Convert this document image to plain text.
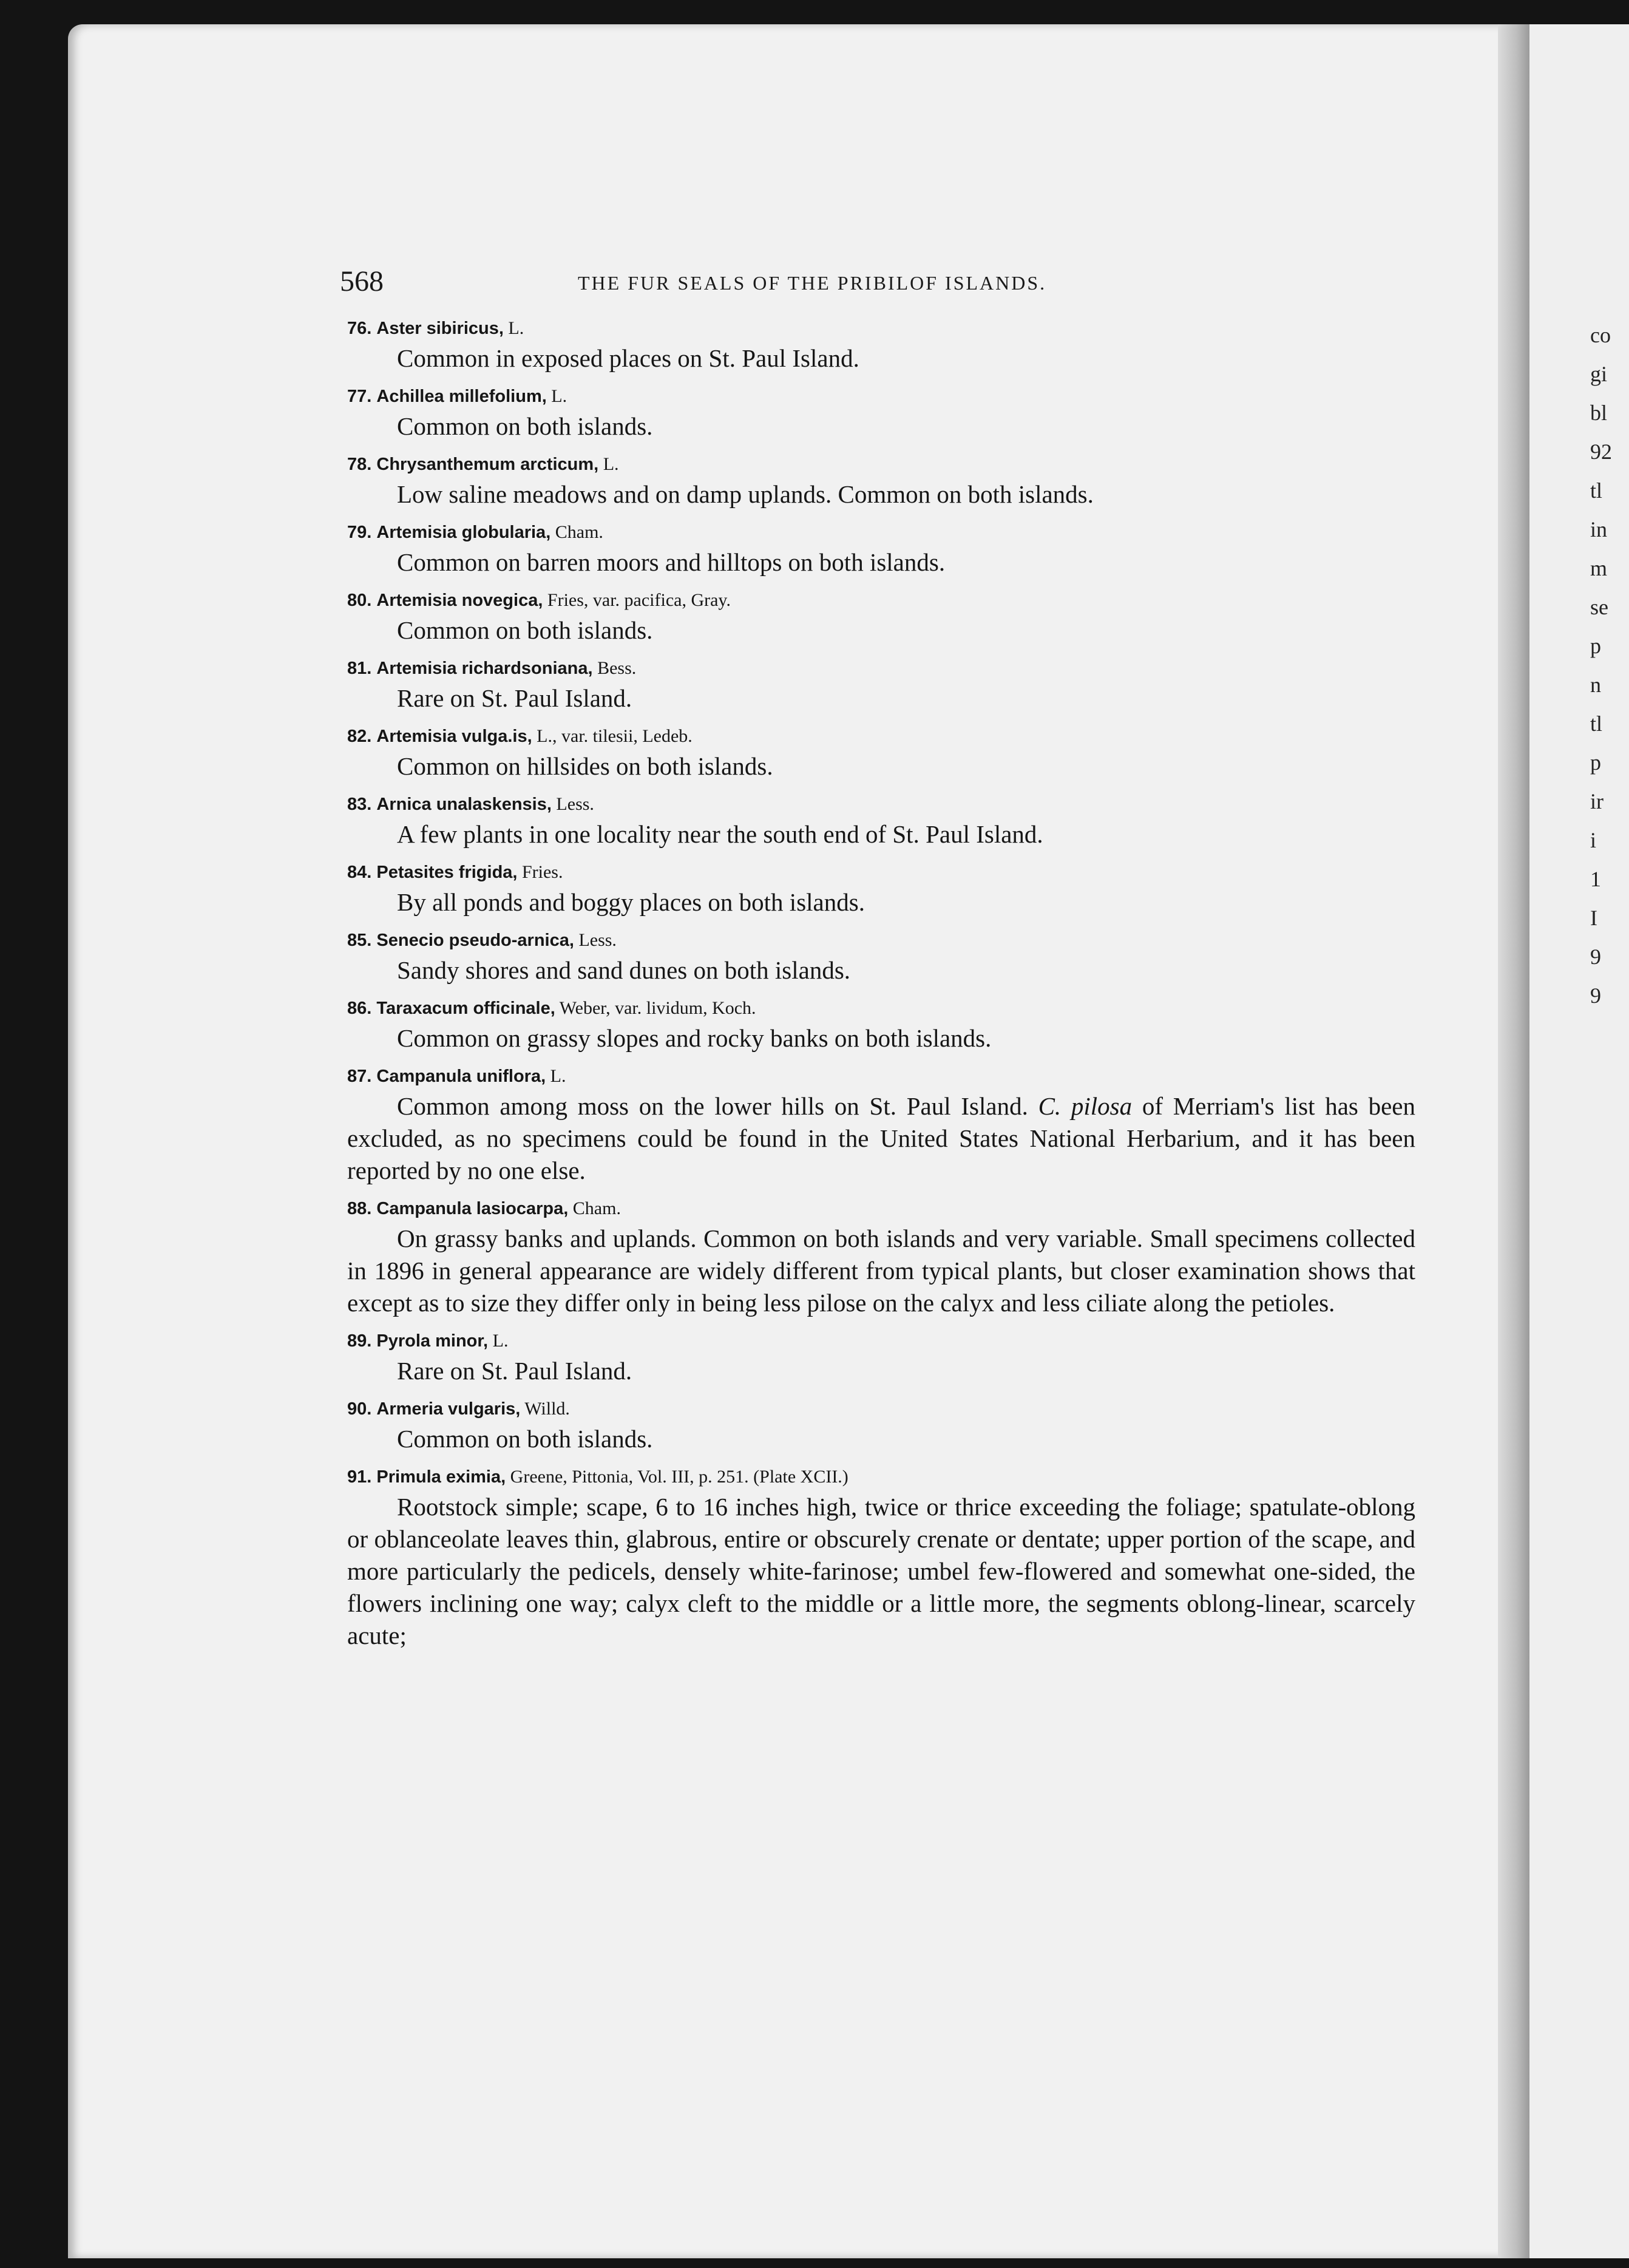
co
gi
bl
92
tl
in
m
se
p
n
tl
p
ir
i
1
I
9
9
568	THE FUR SEALS OF THE PRIBILOF ISLANDS.
76. Aster sibiricus, L.
Common in exposed places on St. Paul Island.
77. Achillea millefolium, L.
Common on both islands.
78. Chrysanthemum arcticum, L.
Low saline meadows and on damp uplands. Common on both islands.
79. Artemisia globularia, Cham.
Common on barren moors and hilltops on both islands.
80. Artemisia novegica, Fries, var. pacifica, Gray.
Common on both islands.
81. Artemisia richardsoniana, Bess.
Rare on St. Paul Island.
82. Artemisia vulga.is, L., var. tilesii, Ledeb.
Common on hillsides on both islands.
83. Arnica unalaskensis, Less.
A few plants in one locality near the south end of St. Paul Island.
84. Petasites frigida, Fries.
By all ponds and boggy places on both islands.
85. Senecio pseudo-arnica, Less.
Sandy shores and sand dunes on both islands.
86. Taraxacum officinale, Weber, var. lividum, Koch.
Common on grassy slopes and rocky banks on both islands.
87. Campanula uniflora, L.
Common among moss on the lower hills on St. Paul Island. C. pilosa of Merriam's list has been excluded, as no specimens could be found in the United States National Herbarium, and it has been reported by no one else.
88. Campanula lasiocarpa, Cham.
On grassy banks and uplands. Common on both islands and very variable. Small specimens collected in 1896 in general appearance are widely different from typical plants, but closer examination shows that except as to size they differ only in being less pilose on the calyx and less ciliate along the petioles.
89. Pyrola minor, L.
Rare on St. Paul Island.
90. Armeria vulgaris, Willd.
Common on both islands.
91. Primula eximia, Greene, Pittonia, Vol. III, p. 251. (Plate XCII.)
Rootstock simple; scape, 6 to 16 inches high, twice or thrice exceeding the foliage; spatulate-oblong or oblanceolate leaves thin, glabrous, entire or obscurely crenate or dentate; upper portion of the scape, and more particularly the pedicels, densely white-farinose; umbel few-flowered and somewhat one-sided, the flowers inclining one way; calyx cleft to the middle or a little more, the segments oblong-linear, scarcely acute;
